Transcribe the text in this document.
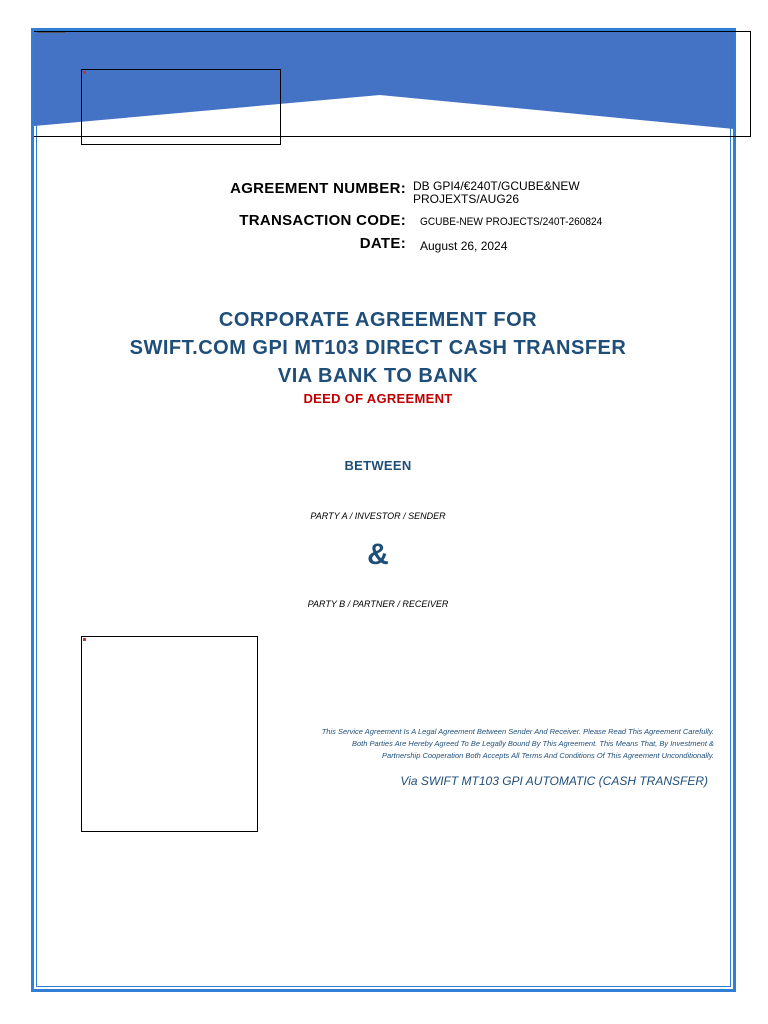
AGREEMENT NUMBER: DB GPI4/€240T/GCUBE&NEW
PROJEXTS/AUG26
TRANSACTION CODE: GCUBE-NEW PROJECTS/240T-260824
DATE: August 26, 2024
CORPORATE AGREEMENT FOR
SWIFT.COM GPI MT103 DIRECT CASH TRANSFER
VIA BANK TO BANK
DEED OF AGREEMENT
BETWEEN
PARTY A / INVESTOR / SENDER
&
PARTY B / PARTNER / RECEIVER
This Service Agreement Is A Legal Agreement Between Sender And Receiver. Please Read This Agreement Carefully.
Both Parties Are Hereby Agreed To Be Legally Bound By This Agreement. This Means That, By Investment &
Partnership Cooperation Both Accepts All Terms And Conditions Of This Agreement Unconditionally.
Via SWIFT MT103 GPI AUTOMATIC (CASH TRANSFER)
